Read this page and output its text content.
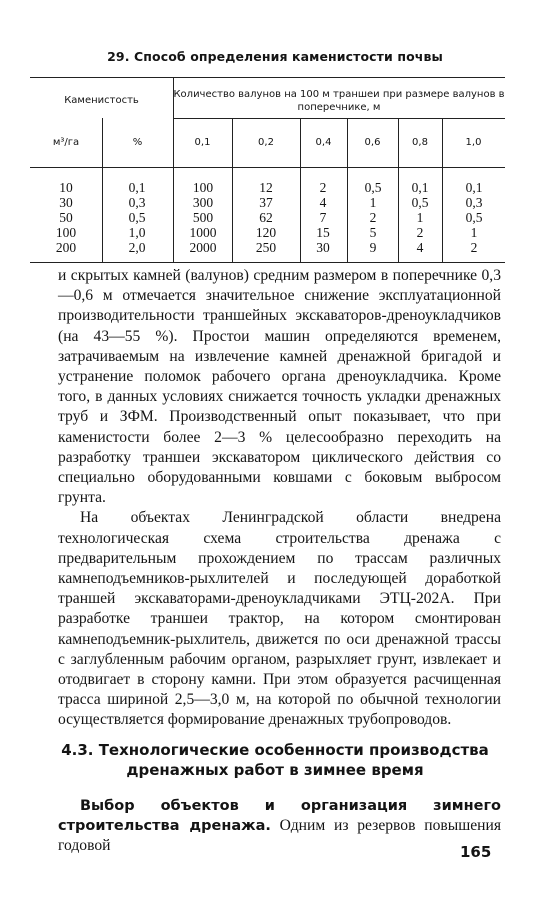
29. Способ определения каменистости почвы
Каменистость
Количество валунов на 100 м траншеи при размере валунов в поперечнике, м
м³/га	%	0,1	0,2	0,4	0,6	0,8	1,0
10	0,1	100	12	2	0,5	0,1	0,1
30	0,3	300	37	4	1	0,5	0,3
50	0,5	500	62	7	2	1	0,5
100	1,0	1000	120	15	5	2	1
200	2,0	2000	250	30	9	4	2

и скрытых камней (валунов) средним размером в поперечнике 0,3—0,6 м отмечается значительное снижение эксплуатационной производительности траншейных экскаваторов-дреноукладчиков (на 43—55 %). Простои машин определяются временем, затрачиваемым на извлечение камней дренажной бригадой и устранение поломок рабочего органа дреноукладчика. Кроме того, в данных условиях снижается точность укладки дренажных труб и ЗФМ. Производственный опыт показывает, что при каменистости более 2—3 % целесообразно переходить на разработку траншеи экскаватором циклического действия со специально оборудованными ковшами с боковым выбросом грунта.

На объектах Ленинградской области внедрена технологическая схема строительства дренажа с предварительным прохождением по трассам различных камнеподъемников-рыхлителей и последующей доработкой траншей экскаваторами-дреноукладчиками ЭТЦ-202А. При разработке траншеи трактор, на котором смонтирован камнеподъемник-рыхлитель, движется по оси дренажной трассы с заглубленным рабочим органом, разрыхляет грунт, извлекает и отодвигает в сторону камни. При этом образуется расчищенная трасса шириной 2,5—3,0 м, на которой по обычной технологии осуществляется формирование дренажных трубопроводов.

4.3. Технологические особенности производства
дренажных работ в зимнее время

Выбор объектов и организация зимнего строительства дренажа. Одним из резервов повышения годовой	165
